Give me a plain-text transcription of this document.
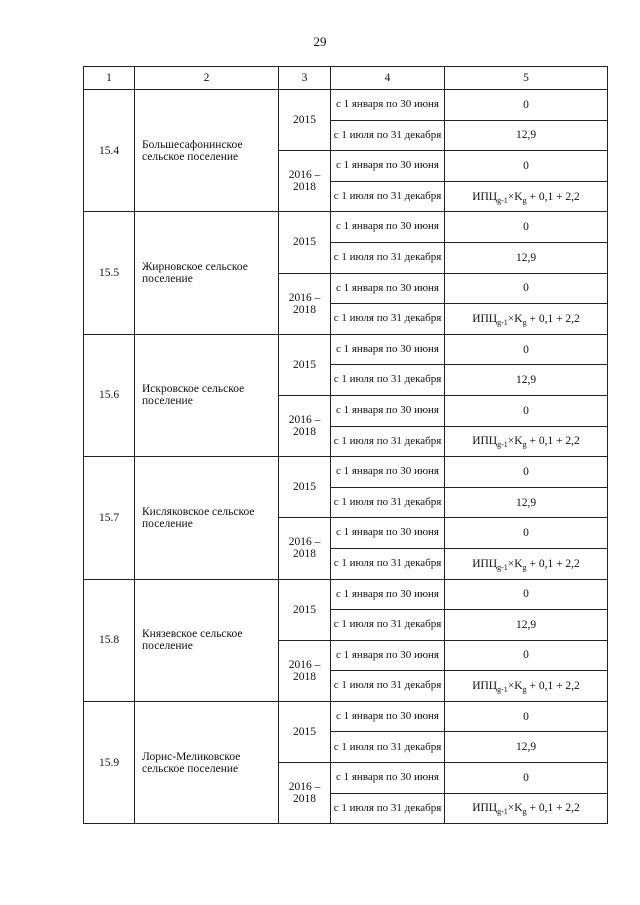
29
1	2	3	4	5
15.4	Большесафонинское сельское поселение	2015	с 1 января по 30 июня	0
			с 1 июля по 31 декабря	12,9
		2016 – 2018	с 1 января по 30 июня	0
			с 1 июля по 31 декабря	$ИПЦ_{g-1}\times K_g + 0,1 + 2,2$
15.5	Жирновское сельское поселение	2015	с 1 января по 30 июня	0
			с 1 июля по 31 декабря	12,9
		2016 – 2018	с 1 января по 30 июня	0
			с 1 июля по 31 декабря	$ИПЦ_{g-1}\times K_g + 0,1 + 2,2$
15.6	Искровское сельское поселение	2015	с 1 января по 30 июня	0
			с 1 июля по 31 декабря	12,9
		2016 – 2018	с 1 января по 30 июня	0
			с 1 июля по 31 декабря	$ИПЦ_{g-1}\times K_g + 0,1 + 2,2$
15.7	Кисляковское сельское поселение	2015	с 1 января по 30 июня	0
			с 1 июля по 31 декабря	12,9
		2016 – 2018	с 1 января по 30 июня	0
			с 1 июля по 31 декабря	$ИПЦ_{g-1}\times K_g + 0,1 + 2,2$
15.8	Князевское сельское поселение	2015	с 1 января по 30 июня	0
			с 1 июля по 31 декабря	12,9
		2016 – 2018	с 1 января по 30 июня	0
			с 1 июля по 31 декабря	$ИПЦ_{g-1}\times K_g + 0,1 + 2,2$
15.9	Лорис-Меликовское сельское поселение	2015	с 1 января по 30 июня	0
			с 1 июля по 31 декабря	12,9
		2016 – 2018	с 1 января по 30 июня	0
			с 1 июля по 31 декабря	$ИПЦ_{g-1}\times K_g + 0,1 + 2,2$
